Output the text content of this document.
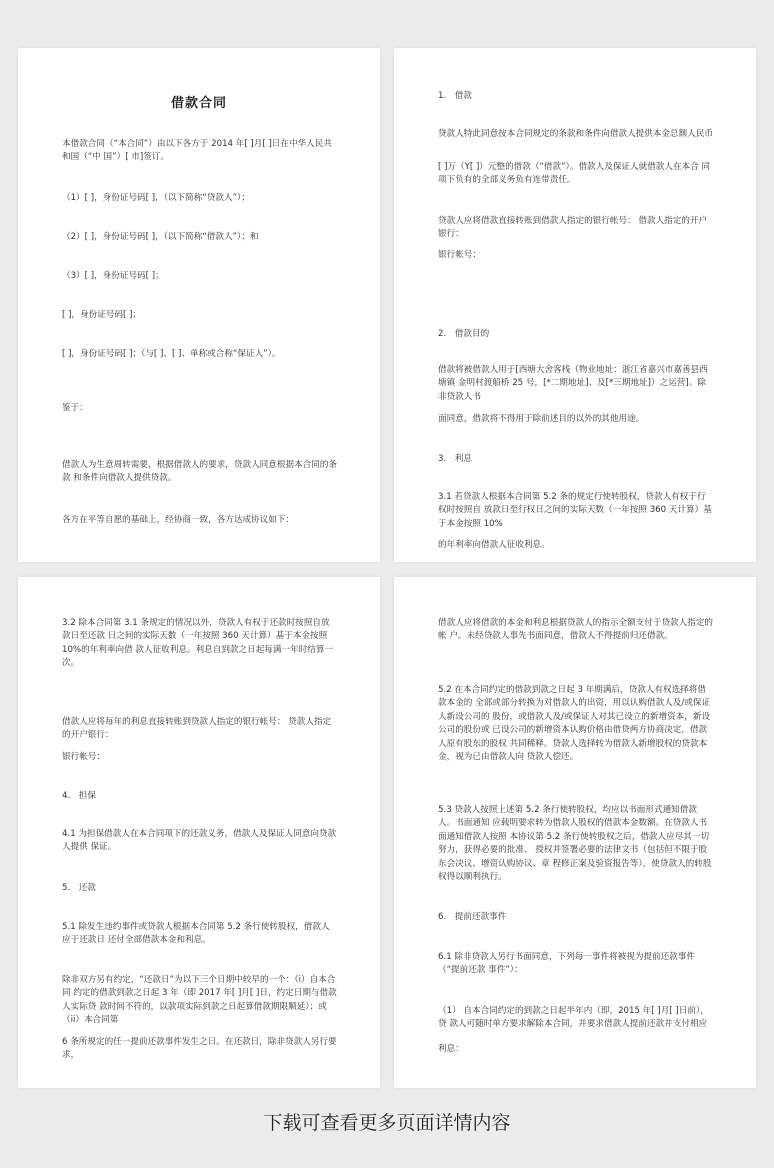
借款合同

本借款合同（“本合同”）由以下各方于 2014 年[ ]月[ ]日在中华人民共和国（“中 国”）[ 市]签订。

（1）[ ]，身份证号码[ ]，（以下简称“贷款人”）；

（2）[ ]，身份证号码[ ]，（以下简称“借款人”）；和

（3）[ ]，身份证号码[ ]；

[ ]，身份证号码[ ]；

[ ]，身份证号码[ ]；（与[ ]、[ ]、单称或合称“保证人”）。

鉴于：

借款人为生意周转需要，根据借款人的要求，贷款人同意根据本合同的条款 和条件向借款人提供贷款。

各方在平等自愿的基础上，经协商一致，各方达成协议如下：

1.　借款

贷款人特此同意按本合同规定的条款和条件向借款人提供本金总额人民币

[ ]万（Y[ ]）元整的借款（“借款”）。借款人及保证人就借款人在本合 同项下负有的全部义务负有连带责任。

贷款人应将借款直接转账到借款人指定的银行帐号： 借款人指定的开户银行：

银行帐号：

2.　借款目的

借款将被借款人用于[西塘大舍客栈（物业地址：浙江省嘉兴市嘉善县西塘镇 金明村渡船桥 25 号，[*二期地址]、及[*三期地址]）之运营]。除非贷款人书

面同意，借款将不得用于除前述目的以外的其他用途。

3.　利息

3.1 若贷款人根据本合同第 5.2 条的规定行使转股权，贷款人有权于行权时按照自 放款日至行权日之间的实际天数（一年按照 360 天计算）基于本金按照 10%

的年利率向借款人征收利息。

3.2 除本合同第 3.1 条规定的情况以外，贷款人有权于还款时按照自放款日至还款 日之间的实际天数（一年按照 360 天计算）基于本金按照 10%的年利率向借 款人征收利息。利息自到款之日起每满一年时结算一次。

借款人应将每年的利息直接转账到贷款人指定的银行帐号： 贷款人指定的开户银行：

银行帐号：

4.　担保

4.1 为担保借款人在本合同项下的还款义务，借款人及保证人同意向贷款人提供 保证。

5.　还款

5.1 除发生违约事件或贷款人根据本合同第 5.2 条行使转股权，借款人应于还款日 还付全部借款本金和利息。

除非双方另有约定，“还款日”为以下三个日期中较早的一个：（i）自本合同 约定的借款到款之日起 3 年（即 2017 年[ ]月[ ]日，约定日期与借款人实际贷 款时间不符的，以款项实际到款之日起算借款期限顺延）；或（ii）本合同第

6 条所规定的任一提前还款事件发生之日。在还款日，除非贷款人另行要求，

借款人应将借款的本金和利息根据贷款人的指示全额支付于贷款人指定的帐 户。未经贷款人事先书面同意，借款人不得提前归还借款。

5.2 在本合同约定的借款到款之日起 3 年期满后，贷款人有权选择将借款本金的 全部或部分转换为对借款人的出资，用以认购借款人及/或保证人新设公司的 股份，或借款人及/或保证人对其已设立的新增资本，新设公司的股份或 已设公司的新增资本认购价格由借贷两方协商决定，借款人原有股东的股权 共同稀释。贷款人选择转为借款人新增股权的贷款本金，视为已由借款人向 贷款人偿还。

5.3 贷款人按照上述第 5.2 条行使转股权，均应以书面形式通知借款人。书面通知 应载明要求转为借款人股权的借款本金数额。在贷款人书面通知借款人按照 本协议第 5.2 条行使转股权之后，借款人应尽其一切努力，获得必要的批准、 授权并签署必要的法律文书（包括但不限于股东会决议、增资认购协议、章 程修正案及验资报告等），使贷款人的转股权得以顺利执行。

6.　提前还款事件

6.1 除非贷款人另行书面同意，下列每一事件将被视为提前还款事件（“提前还款 事件”）：

（1） 自本合同约定的到款之日起半年内（即，2015 年[ ]月[ ]日前），贷 款人可随时单方要求解除本合同，并要求借款人提前还款并支付相应

利息：

下载可查看更多页面详情内容
